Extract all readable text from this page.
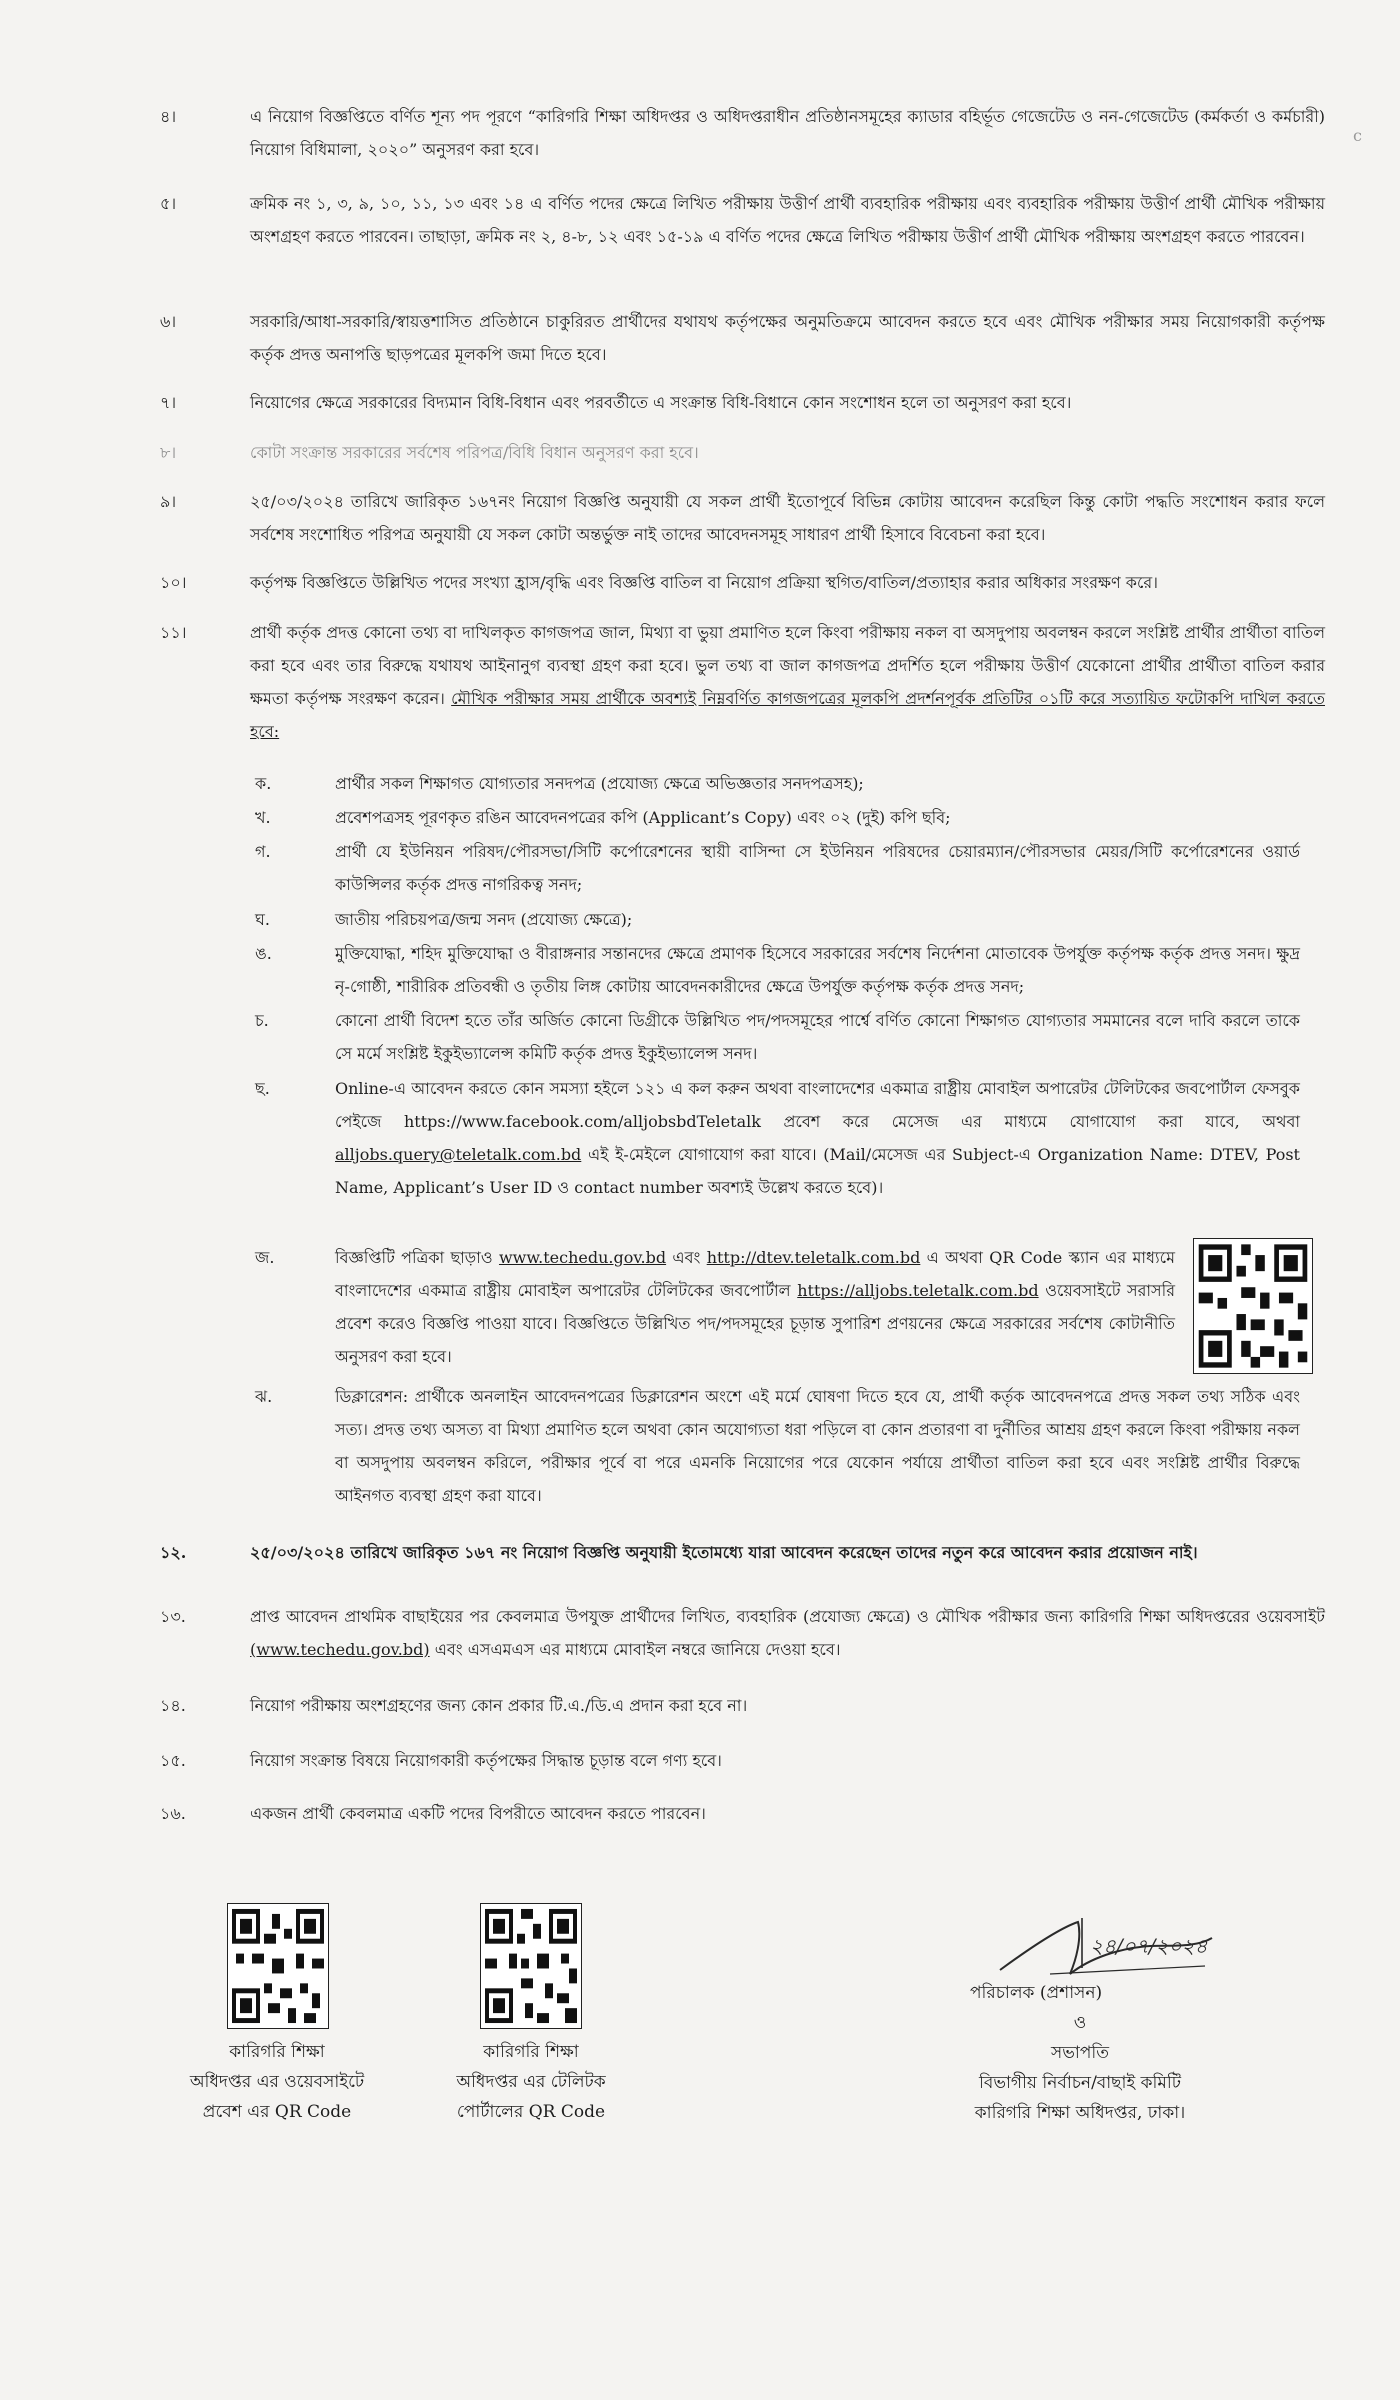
c
৪।	এ নিয়োগ বিজ্ঞপ্তিতে বর্ণিত শূন্য পদ পূরণে “কারিগরি শিক্ষা অধিদপ্তর ও অধিদপ্তরাধীন প্রতিষ্ঠানসমূহের ক্যাডার বহির্ভূত গেজেটেড ও নন-গেজেটেড (কর্মকর্তা ও কর্মচারী) নিয়োগ বিধিমালা, ২০২০” অনুসরণ করা হবে।
৫।	ক্রমিক নং ১, ৩, ৯, ১০, ১১, ১৩ এবং ১৪ এ বর্ণিত পদের ক্ষেত্রে লিখিত পরীক্ষায় উত্তীর্ণ প্রার্থী ব্যবহারিক পরীক্ষায় এবং ব্যবহারিক পরীক্ষায় উত্তীর্ণ প্রার্থী মৌখিক পরীক্ষায় অংশগ্রহণ করতে পারবেন। তাছাড়া, ক্রমিক নং ২, ৪-৮, ১২ এবং ১৫-১৯ এ বর্ণিত পদের ক্ষেত্রে লিখিত পরীক্ষায় উত্তীর্ণ প্রার্থী মৌখিক পরীক্ষায় অংশগ্রহণ করতে পারবেন।
৬।	সরকারি/আধা-সরকারি/স্বায়ত্তশাসিত প্রতিষ্ঠানে চাকুরিরত প্রার্থীদের যথাযথ কর্তৃপক্ষের অনুমতিক্রমে আবেদন করতে হবে এবং মৌখিক পরীক্ষার সময় নিয়োগকারী কর্তৃপক্ষ কর্তৃক প্রদত্ত অনাপত্তি ছাড়পত্রের মূলকপি জমা দিতে হবে।
৭।	নিয়োগের ক্ষেত্রে সরকারের বিদ্যমান বিধি-বিধান এবং পরবর্তীতে এ সংক্রান্ত বিধি-বিধানে কোন সংশোধন হলে তা অনুসরণ করা হবে।
৮।	কোটা সংক্রান্ত সরকারের সর্বশেষ পরিপত্র/বিধি বিধান অনুসরণ করা হবে।
৯।	২৫/০৩/২০২৪ তারিখে জারিকৃত ১৬৭নং নিয়োগ বিজ্ঞপ্তি অনুযায়ী যে সকল প্রার্থী ইতোপূর্বে বিভিন্ন কোটায় আবেদন করেছিল কিন্তু কোটা পদ্ধতি সংশোধন করার ফলে সর্বশেষ সংশোধিত পরিপত্র অনুযায়ী যে সকল কোটা অন্তর্ভুক্ত নাই তাদের আবেদনসমূহ সাধারণ প্রার্থী হিসাবে বিবেচনা করা হবে।
১০।	কর্তৃপক্ষ বিজ্ঞপ্তিতে উল্লিখিত পদের সংখ্যা হ্রাস/বৃদ্ধি এবং বিজ্ঞপ্তি বাতিল বা নিয়োগ প্রক্রিয়া স্থগিত/বাতিল/প্রত্যাহার করার অধিকার সংরক্ষণ করে।
১১।	প্রার্থী কর্তৃক প্রদত্ত কোনো তথ্য বা দাখিলকৃত কাগজপত্র জাল, মিথ্যা বা ভুয়া প্রমাণিত হলে কিংবা পরীক্ষায় নকল বা অসদুপায় অবলম্বন করলে সংশ্লিষ্ট প্রার্থীর প্রার্থীতা বাতিল করা হবে এবং তার বিরুদ্ধে যথাযথ আইনানুগ ব্যবস্থা গ্রহণ করা হবে। ভুল তথ্য বা জাল কাগজপত্র প্রদর্শিত হলে পরীক্ষায় উত্তীর্ণ যেকোনো প্রার্থীর প্রার্থীতা বাতিল করার ক্ষমতা কর্তৃপক্ষ সংরক্ষণ করেন। মৌখিক পরীক্ষার সময় প্রার্থীকে অবশ্যই নিম্নবর্ণিত কাগজপত্রের মূলকপি প্রদর্শনপূর্বক প্রতিটির ০১টি করে সত্যায়িত ফটোকপি দাখিল করতে হবে:
ক.	প্রার্থীর সকল শিক্ষাগত যোগ্যতার সনদপত্র (প্রযোজ্য ক্ষেত্রে অভিজ্ঞতার সনদপত্রসহ);
খ.	প্রবেশপত্রসহ পূরণকৃত রঙিন আবেদনপত্রের কপি (Applicant’s Copy) এবং ০২ (দুই) কপি ছবি;
গ.	প্রার্থী যে ইউনিয়ন পরিষদ/পৌরসভা/সিটি কর্পোরেশনের স্থায়ী বাসিন্দা সে ইউনিয়ন পরিষদের চেয়ারম্যান/পৌরসভার মেয়র/সিটি কর্পোরেশনের ওয়ার্ড কাউন্সিলর কর্তৃক প্রদত্ত নাগরিকত্ব সনদ;
ঘ.	জাতীয় পরিচয়পত্র/জন্ম সনদ (প্রযোজ্য ক্ষেত্রে);
ঙ.	মুক্তিযোদ্ধা, শহিদ মুক্তিযোদ্ধা ও বীরাঙ্গনার সন্তানদের ক্ষেত্রে প্রমাণক হিসেবে সরকারের সর্বশেষ নির্দেশনা মোতাবেক উপর্যুক্ত কর্তৃপক্ষ কর্তৃক প্রদত্ত সনদ। ক্ষুদ্র নৃ-গোষ্ঠী, শারীরিক প্রতিবন্ধী ও তৃতীয় লিঙ্গ কোটায় আবেদনকারীদের ক্ষেত্রে উপর্যুক্ত কর্তৃপক্ষ কর্তৃক প্রদত্ত সনদ;
চ.	কোনো প্রার্থী বিদেশ হতে তাঁর অর্জিত কোনো ডিগ্রীকে উল্লিখিত পদ/পদসমূহের পার্শ্বে বর্ণিত কোনো শিক্ষাগত যোগ্যতার সমমানের বলে দাবি করলে তাকে সে মর্মে সংশ্লিষ্ট ইকুইভ্যালেন্স কমিটি কর্তৃক প্রদত্ত ইকুইভ্যালেন্স সনদ।
ছ.	Online-এ আবেদন করতে কোন সমস্যা হইলে ১২১ এ কল করুন অথবা বাংলাদেশের একমাত্র রাষ্ট্রীয় মোবাইল অপারেটর টেলিটকের জবপোর্টাল ফেসবুক পেইজে https://www.facebook.com/alljobsbdTeletalk প্রবেশ করে মেসেজ এর মাধ্যমে যোগাযোগ করা যাবে, অথবা alljobs.query@teletalk.com.bd এই ই-মেইলে যোগাযোগ করা যাবে। (Mail/মেসেজ এর Subject-এ Organization Name: DTEV, Post Name, Applicant’s User ID ও contact number অবশ্যই উল্লেখ করতে হবে)।
জ.	বিজ্ঞপ্তিটি পত্রিকা ছাড়াও www.techedu.gov.bd এবং http://dtev.teletalk.com.bd এ অথবা QR Code স্ক্যান এর মাধ্যমে বাংলাদেশের একমাত্র রাষ্ট্রীয় মোবাইল অপারেটর টেলিটকের জবপোর্টাল https://alljobs.teletalk.com.bd ওয়েবসাইটে সরাসরি প্রবেশ করেও বিজ্ঞপ্তি পাওয়া যাবে। বিজ্ঞপ্তিতে উল্লিখিত পদ/পদসমূহের চূড়ান্ত সুপারিশ প্রণয়নের ক্ষেত্রে সরকারের সর্বশেষ কোটানীতি অনুসরণ করা হবে।
ঝ.	ডিক্লারেশন: প্রার্থীকে অনলাইন আবেদনপত্রের ডিক্লারেশন অংশে এই মর্মে ঘোষণা দিতে হবে যে, প্রার্থী কর্তৃক আবেদনপত্রে প্রদত্ত সকল তথ্য সঠিক এবং সত্য। প্রদত্ত তথ্য অসত্য বা মিথ্যা প্রমাণিত হলে অথবা কোন অযোগ্যতা ধরা পড়িলে বা কোন প্রতারণা বা দুর্নীতির আশ্রয় গ্রহণ করলে কিংবা পরীক্ষায় নকল বা অসদুপায় অবলম্বন করিলে, পরীক্ষার পূর্বে বা পরে এমনকি নিয়োগের পরে যেকোন পর্যায়ে প্রার্থীতা বাতিল করা হবে এবং সংশ্লিষ্ট প্রার্থীর বিরুদ্ধে আইনগত ব্যবস্থা গ্রহণ করা যাবে।
১২.	২৫/০৩/২০২৪ তারিখে জারিকৃত ১৬৭ নং নিয়োগ বিজ্ঞপ্তি অনুযায়ী ইতোমধ্যে যারা আবেদন করেছেন তাদের নতুন করে আবেদন করার প্রয়োজন নাই।
১৩.	প্রাপ্ত আবেদন প্রাথমিক বাছাইয়ের পর কেবলমাত্র উপযুক্ত প্রার্থীদের লিখিত, ব্যবহারিক (প্রযোজ্য ক্ষেত্রে) ও মৌখিক পরীক্ষার জন্য কারিগরি শিক্ষা অধিদপ্তরের ওয়েবসাইট (www.techedu.gov.bd) এবং এসএমএস এর মাধ্যমে মোবাইল নম্বরে জানিয়ে দেওয়া হবে।
১৪.	নিয়োগ পরীক্ষায় অংশগ্রহণের জন্য কোন প্রকার টি.এ./ডি.এ প্রদান করা হবে না।
১৫.	নিয়োগ সংক্রান্ত বিষয়ে নিয়োগকারী কর্তৃপক্ষের সিদ্ধান্ত চূড়ান্ত বলে গণ্য হবে।
১৬.	একজন প্রার্থী কেবলমাত্র একটি পদের বিপরীতে আবেদন করতে পারবেন।
কারিগরি শিক্ষা
অধিদপ্তর এর ওয়েবসাইটে
প্রবেশ এর QR Code
কারিগরি শিক্ষা
অধিদপ্তর এর টেলিটক
পোর্টালের QR Code
২৪/০৭/২০২৪
পরিচালক (প্রশাসন)
ও
সভাপতি
বিভাগীয় নির্বাচন/বাছাই কমিটি
কারিগরি শিক্ষা অধিদপ্তর, ঢাকা।
